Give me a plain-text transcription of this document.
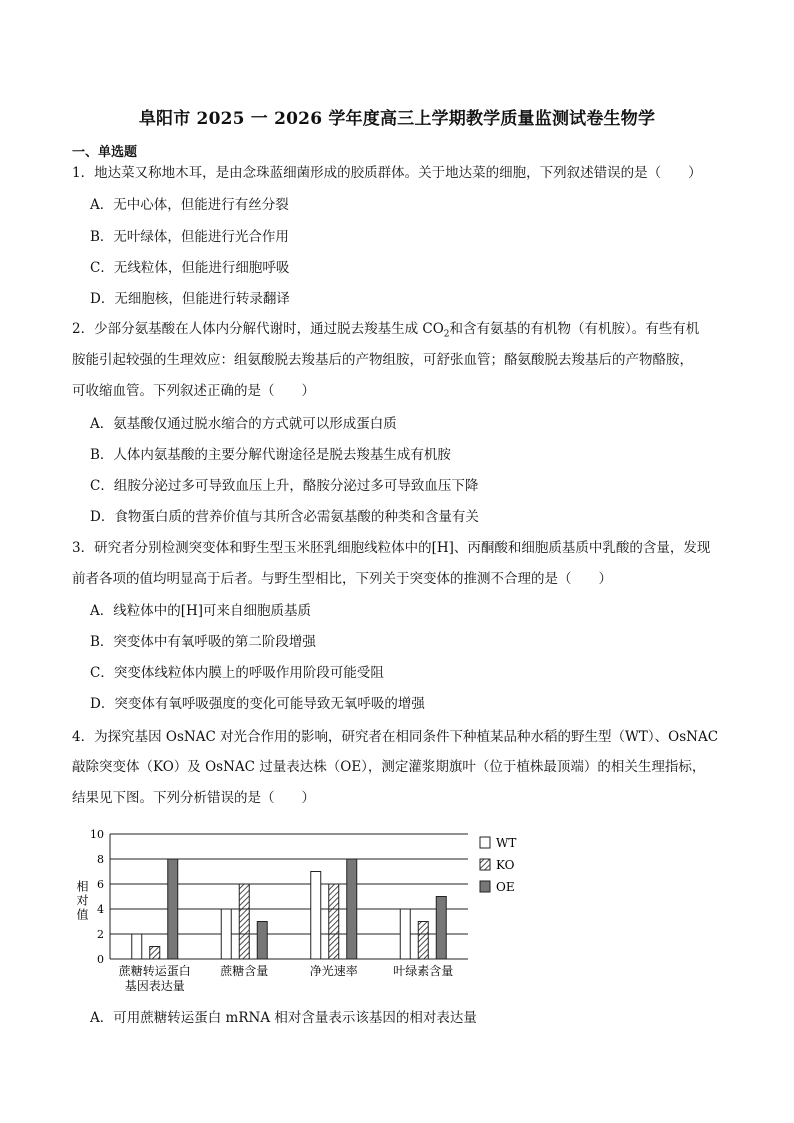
阜阳市 2025 一 2026 学年度高三上学期教学质量监测试卷生物学
一、单选题
1．地达菜又称地木耳，是由念珠蓝细菌形成的胶质群体。关于地达菜的细胞，下列叙述错误的是（　　）
A．无中心体，但能进行有丝分裂
B．无叶绿体，但能进行光合作用
C．无线粒体，但能进行细胞呼吸
D．无细胞核，但能进行转录翻译
2．少部分氨基酸在人体内分解代谢时，通过脱去羧基生成 $CO_2$和含有氨基的有机物（有机胺）。有些有机
胺能引起较强的生理效应：组氨酸脱去羧基后的产物组胺，可舒张血管；酪氨酸脱去羧基后的产物酪胺，
可收缩血管。下列叙述正确的是（　　）
A．氨基酸仅通过脱水缩合的方式就可以形成蛋白质
B．人体内氨基酸的主要分解代谢途径是脱去羧基生成有机胺
C．组胺分泌过多可导致血压上升，酪胺分泌过多可导致血压下降
D．食物蛋白质的营养价值与其所含必需氨基酸的种类和含量有关
3．研究者分别检测突变体和野生型玉米胚乳细胞线粒体中的[H]、丙酮酸和细胞质基质中乳酸的含量，发现
前者各项的值均明显高于后者。与野生型相比，下列关于突变体的推测不合理的是（　　）
A．线粒体中的[H]可来自细胞质基质
B．突变体中有氧呼吸的第二阶段增强
C．突变体线粒体内膜上的呼吸作用阶段可能受阻
D．突变体有氧呼吸强度的变化可能导致无氧呼吸的增强
4．为探究基因 OsNAC 对光合作用的影响，研究者在相同条件下种植某品种水稻的野生型（WT）、OsNAC
敲除突变体（KO）及 OsNAC 过量表达株（OE），测定灌浆期旗叶（位于植株最顶端）的相关生理指标，
结果见下图。下列分析错误的是（　　）
0
2
4
6
8
10
相对值
蔗糖转运蛋白
基因表达量
蔗糖含量	净光速率	叶绿素含量
WT
KO
OE
A．可用蔗糖转运蛋白 mRNA 相对含量表示该基因的相对表达量
